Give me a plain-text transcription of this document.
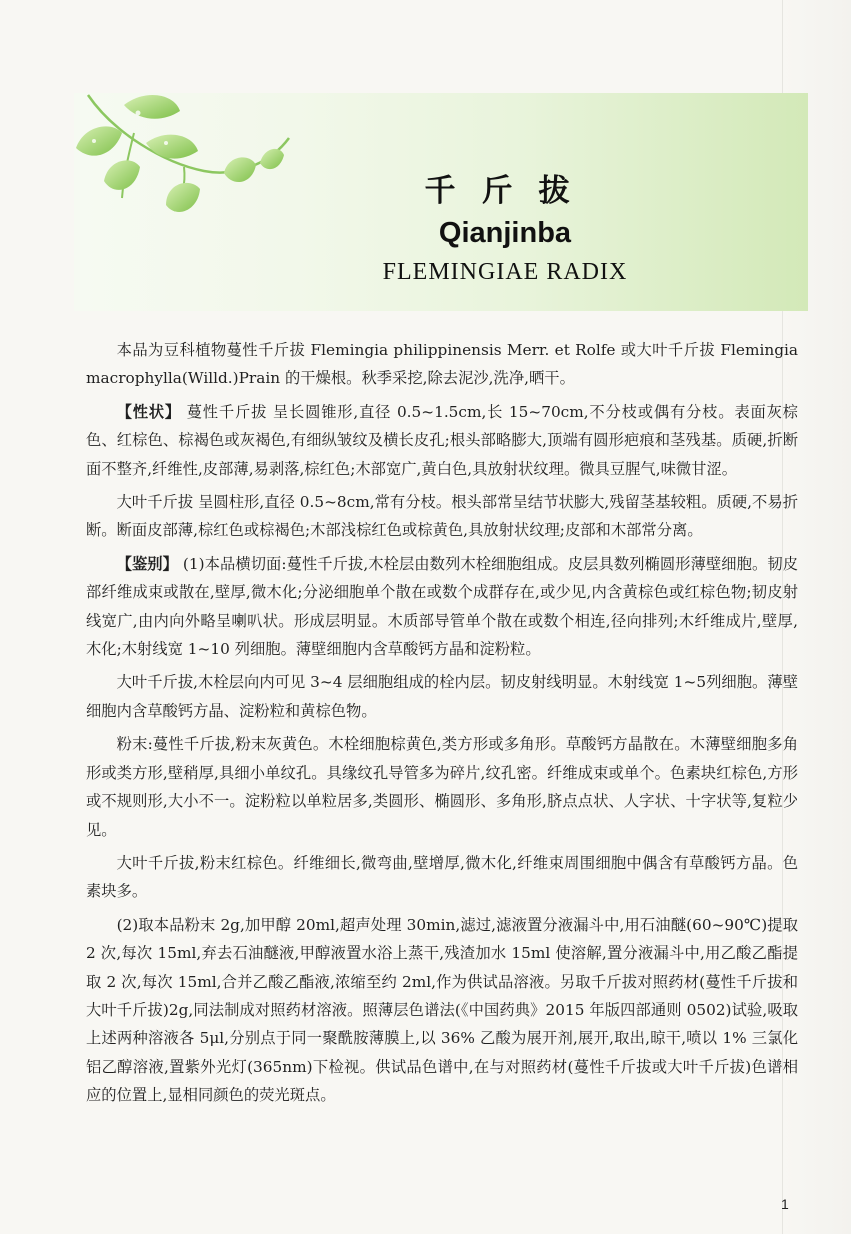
千斤拔
Qianjinba
FLEMINGIAE RADIX

本品为豆科植物蔓性千斤拔 Flemingia philippinensis Merr. et Rolfe 或大叶千斤拔 Flemingia macrophylla(Willd.)Prain 的干燥根。秋季采挖,除去泥沙,洗净,晒干。

【性状】 蔓性千斤拔 呈长圆锥形,直径 0.5~1.5cm,长 15~70cm,不分枝或偶有分枝。表面灰棕色、红棕色、棕褐色或灰褐色,有细纵皱纹及横长皮孔;根头部略膨大,顶端有圆形疤痕和茎残基。质硬,折断面不整齐,纤维性,皮部薄,易剥落,棕红色;木部宽广,黄白色,具放射状纹理。微具豆腥气,味微甘涩。

大叶千斤拔 呈圆柱形,直径 0.5~8cm,常有分枝。根头部常呈结节状膨大,残留茎基较粗。质硬,不易折断。断面皮部薄,棕红色或棕褐色;木部浅棕红色或棕黄色,具放射状纹理;皮部和木部常分离。

【鉴别】 (1)本品横切面:蔓性千斤拔,木栓层由数列木栓细胞组成。皮层具数列椭圆形薄壁细胞。韧皮部纤维成束或散在,壁厚,微木化;分泌细胞单个散在或数个成群存在,或少见,内含黄棕色或红棕色物;韧皮射线宽广,由内向外略呈喇叭状。形成层明显。木质部导管单个散在或数个相连,径向排列;木纤维成片,壁厚,木化;木射线宽 1~10 列细胞。薄壁细胞内含草酸钙方晶和淀粉粒。

大叶千斤拔,木栓层向内可见 3~4 层细胞组成的栓内层。韧皮射线明显。木射线宽 1~5列细胞。薄壁细胞内含草酸钙方晶、淀粉粒和黄棕色物。

粉末:蔓性千斤拔,粉末灰黄色。木栓细胞棕黄色,类方形或多角形。草酸钙方晶散在。木薄壁细胞多角形或类方形,壁稍厚,具细小单纹孔。具缘纹孔导管多为碎片,纹孔密。纤维成束或单个。色素块红棕色,方形或不规则形,大小不一。淀粉粒以单粒居多,类圆形、椭圆形、多角形,脐点点状、人字状、十字状等,复粒少见。

大叶千斤拔,粉末红棕色。纤维细长,微弯曲,壁增厚,微木化,纤维束周围细胞中偶含有草酸钙方晶。色素块多。

(2)取本品粉末 2g,加甲醇 20ml,超声处理 30min,滤过,滤液置分液漏斗中,用石油醚(60~90℃)提取 2 次,每次 15ml,弃去石油醚液,甲醇液置水浴上蒸干,残渣加水 15ml 使溶解,置分液漏斗中,用乙酸乙酯提取 2 次,每次 15ml,合并乙酸乙酯液,浓缩至约 2ml,作为供试品溶液。另取千斤拔对照药材(蔓性千斤拔和大叶千斤拔)2g,同法制成对照药材溶液。照薄层色谱法(《中国药典》2015 年版四部通则 0502)试验,吸取上述两种溶液各 5μl,分别点于同一聚酰胺薄膜上,以 36% 乙酸为展开剂,展开,取出,晾干,喷以 1% 三氯化铝乙醇溶液,置紫外光灯(365nm)下检视。供试品色谱中,在与对照药材(蔓性千斤拔或大叶千斤拔)色谱相应的位置上,显相同颜色的荧光斑点。

1
